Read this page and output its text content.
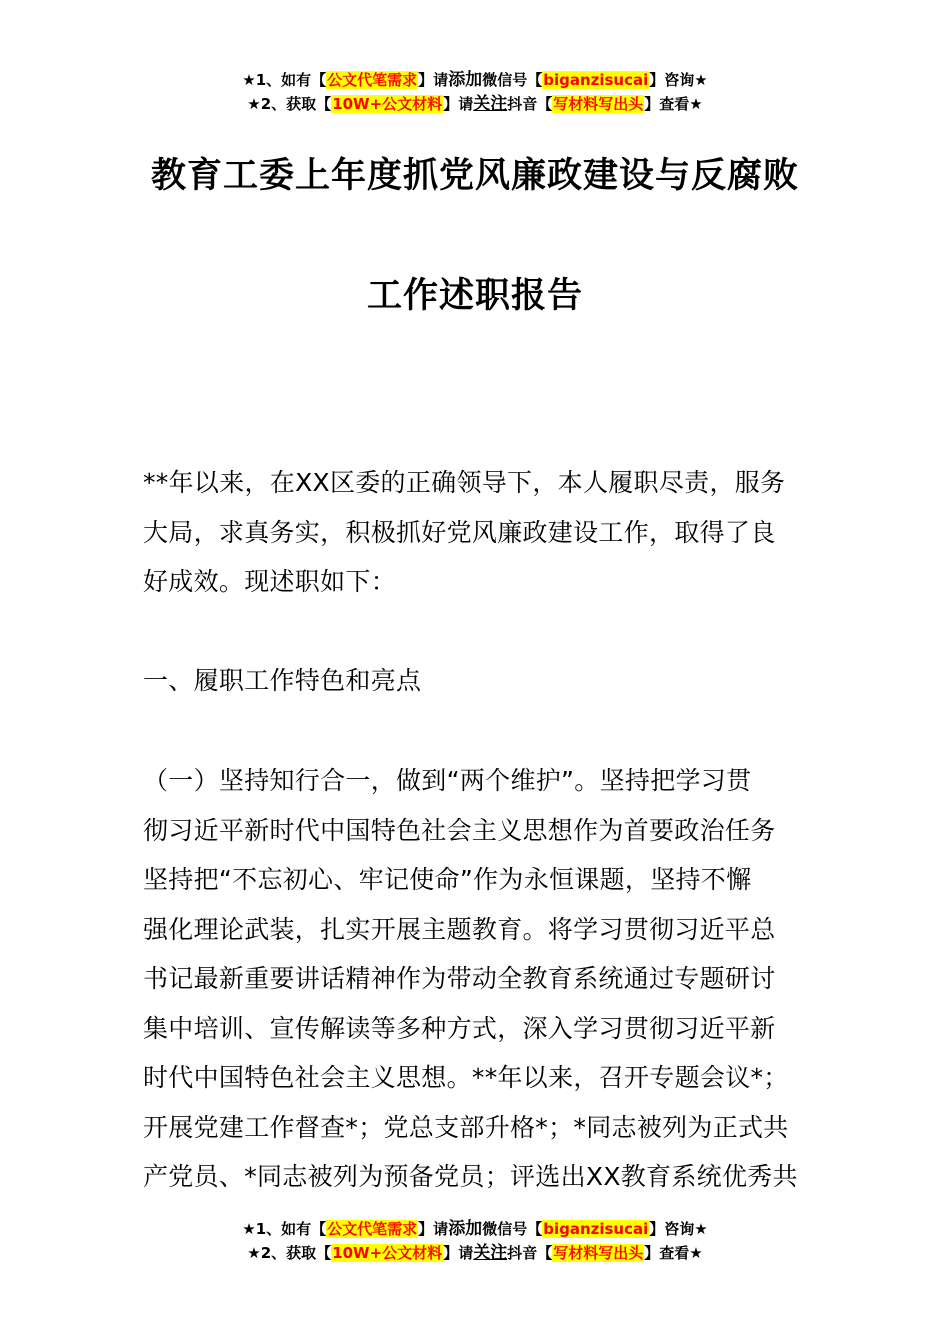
★1、如有【公文代笔需求】请添加微信号【biganzisucai】咨询★
★2、获取【10W+公文材料】请关注抖音【写材料写出头】查看★
教育工委上年度抓党风廉政建设与反腐败
工作述职报告
**年以来，在XX区委的正确领导下，本人履职尽责，服务
大局，求真务实，积极抓好党风廉政建设工作，取得了良
好成效。现述职如下：
一、履职工作特色和亮点
（一）坚持知行合一，做到“两个维护”。坚持把学习贯
彻习近平新时代中国特色社会主义思想作为首要政治任务
坚持把“不忘初心、牢记使命”作为永恒课题，坚持不懈
强化理论武装，扎实开展主题教育。将学习贯彻习近平总
书记最新重要讲话精神作为带动全教育系统通过专题研讨
集中培训、宣传解读等多种方式，深入学习贯彻习近平新
时代中国特色社会主义思想。**年以来，召开专题会议*；
开展党建工作督查*；党总支部升格*；*同志被列为正式共
产党员、*同志被列为预备党员；评选出XX教育系统优秀共
★1、如有【公文代笔需求】请添加微信号【biganzisucai】咨询★
★2、获取【10W+公文材料】请关注抖音【写材料写出头】查看★
